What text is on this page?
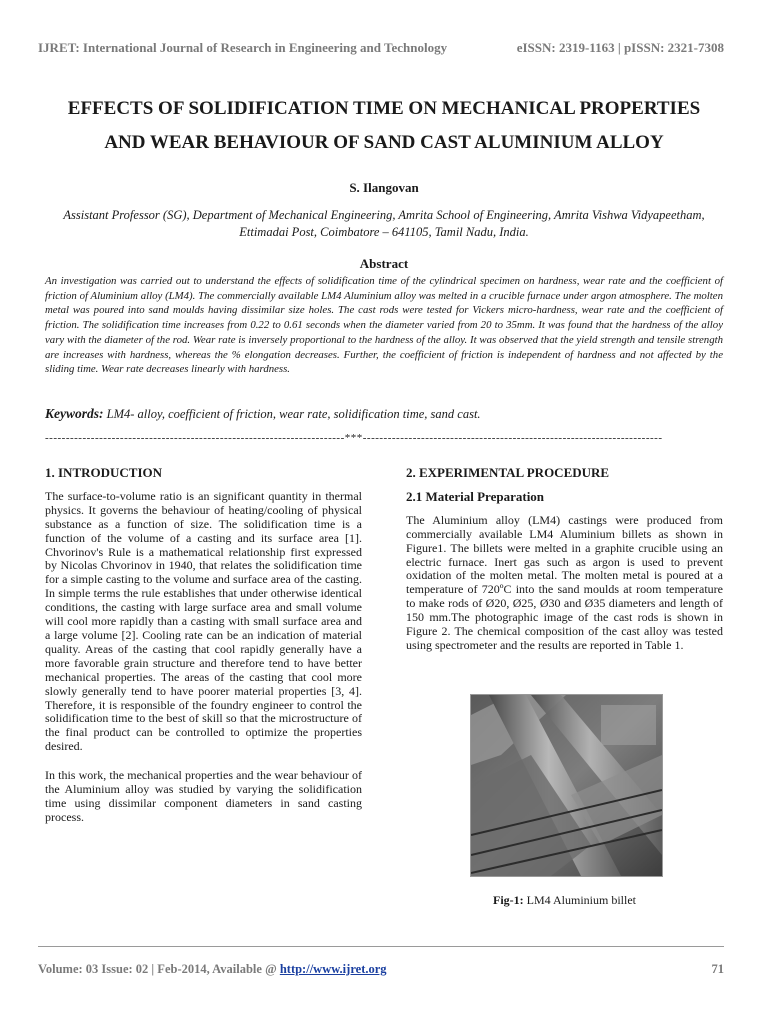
IJRET: International Journal of Research in Engineering and Technology	eISSN: 2319-1163 | pISSN: 2321-7308
EFFECTS OF SOLIDIFICATION TIME ON MECHANICAL PROPERTIES
AND WEAR BEHAVIOUR OF SAND CAST ALUMINIUM ALLOY
S. Ilangovan
Assistant Professor (SG), Department of Mechanical Engineering, Amrita School of Engineering, Amrita Vishwa Vidyapeetham, Ettimadai Post, Coimbatore – 641105, Tamil Nadu, India.
Abstract
An investigation was carried out to understand the effects of solidification time of the cylindrical specimen on hardness, wear rate and the coefficient of friction of Aluminium alloy (LM4). The commercially available LM4 Aluminium alloy was melted in a crucible furnace under argon atmosphere. The molten metal was poured into sand moulds having dissimilar size holes. The cast rods were tested for Vickers micro-hardness, wear rate and the coefficient of friction. The solidification time increases from 0.22 to 0.61 seconds when the diameter varied from 20 to 35mm. It was found that the hardness of the alloy vary with the diameter of the rod. Wear rate is inversely proportional to the hardness of the alloy. It was observed that the yield strength and tensile strength are increases with hardness, whereas the % elongation decreases. Further, the coefficient of friction is independent of hardness and not affected by the sliding time. Wear rate decreases linearly with hardness.
Keywords: LM4- alloy, coefficient of friction, wear rate, solidification time, sand cast.
------------------------------------------------------------------------***------------------------------------------------------------------------
1. INTRODUCTION

The surface-to-volume ratio is an significant quantity in thermal physics. It governs the behaviour of heating/cooling of physical substance as a function of size. The solidification time is a function of the volume of a casting and its surface area [1]. Chvorinov's Rule is a mathematical relationship first expressed by Nicolas Chvorinov in 1940, that relates the solidification time for a simple casting to the volume and surface area of the casting. In simple terms the rule establishes that under otherwise identical conditions, the casting with large surface area and small volume will cool more rapidly than a casting with small surface area and a large volume [2]. Cooling rate can be an indication of material quality. Areas of the casting that cool rapidly generally have a more favorable grain structure and therefore tend to have better mechanical properties. The areas of the casting that cool more slowly generally tend to have poorer material properties [3, 4]. Therefore, it is responsible of the foundry engineer to control the solidification time to the best of skill so that the microstructure of the final product can be controlled to optimize the properties desired.

In this work, the mechanical properties and the wear behaviour of the Aluminium alloy was studied by varying the solidification time using dissimilar component diameters in sand casting process.

2. EXPERIMENTAL PROCEDURE
2.1 Material Preparation

The Aluminium alloy (LM4) castings were produced from commercially available LM4 Aluminium billets as shown in Figure1. The billets were melted in a graphite crucible using an electric furnace. Inert gas such as argon is used to prevent oxidation of the molten metal. The molten metal is poured at a temperature of 720ºC into the sand moulds at room temperature to make rods of Ø20, Ø25, Ø30 and Ø35 diameters and length of 150 mm.The photographic image of the cast rods is shown in Figure 2. The chemical composition of the cast alloy was tested using spectrometer and the results are reported in Table 1.

Fig-1: LM4 Aluminium billet
Volume: 03 Issue: 02 | Feb-2014, Available @ http://www.ijret.org	71
